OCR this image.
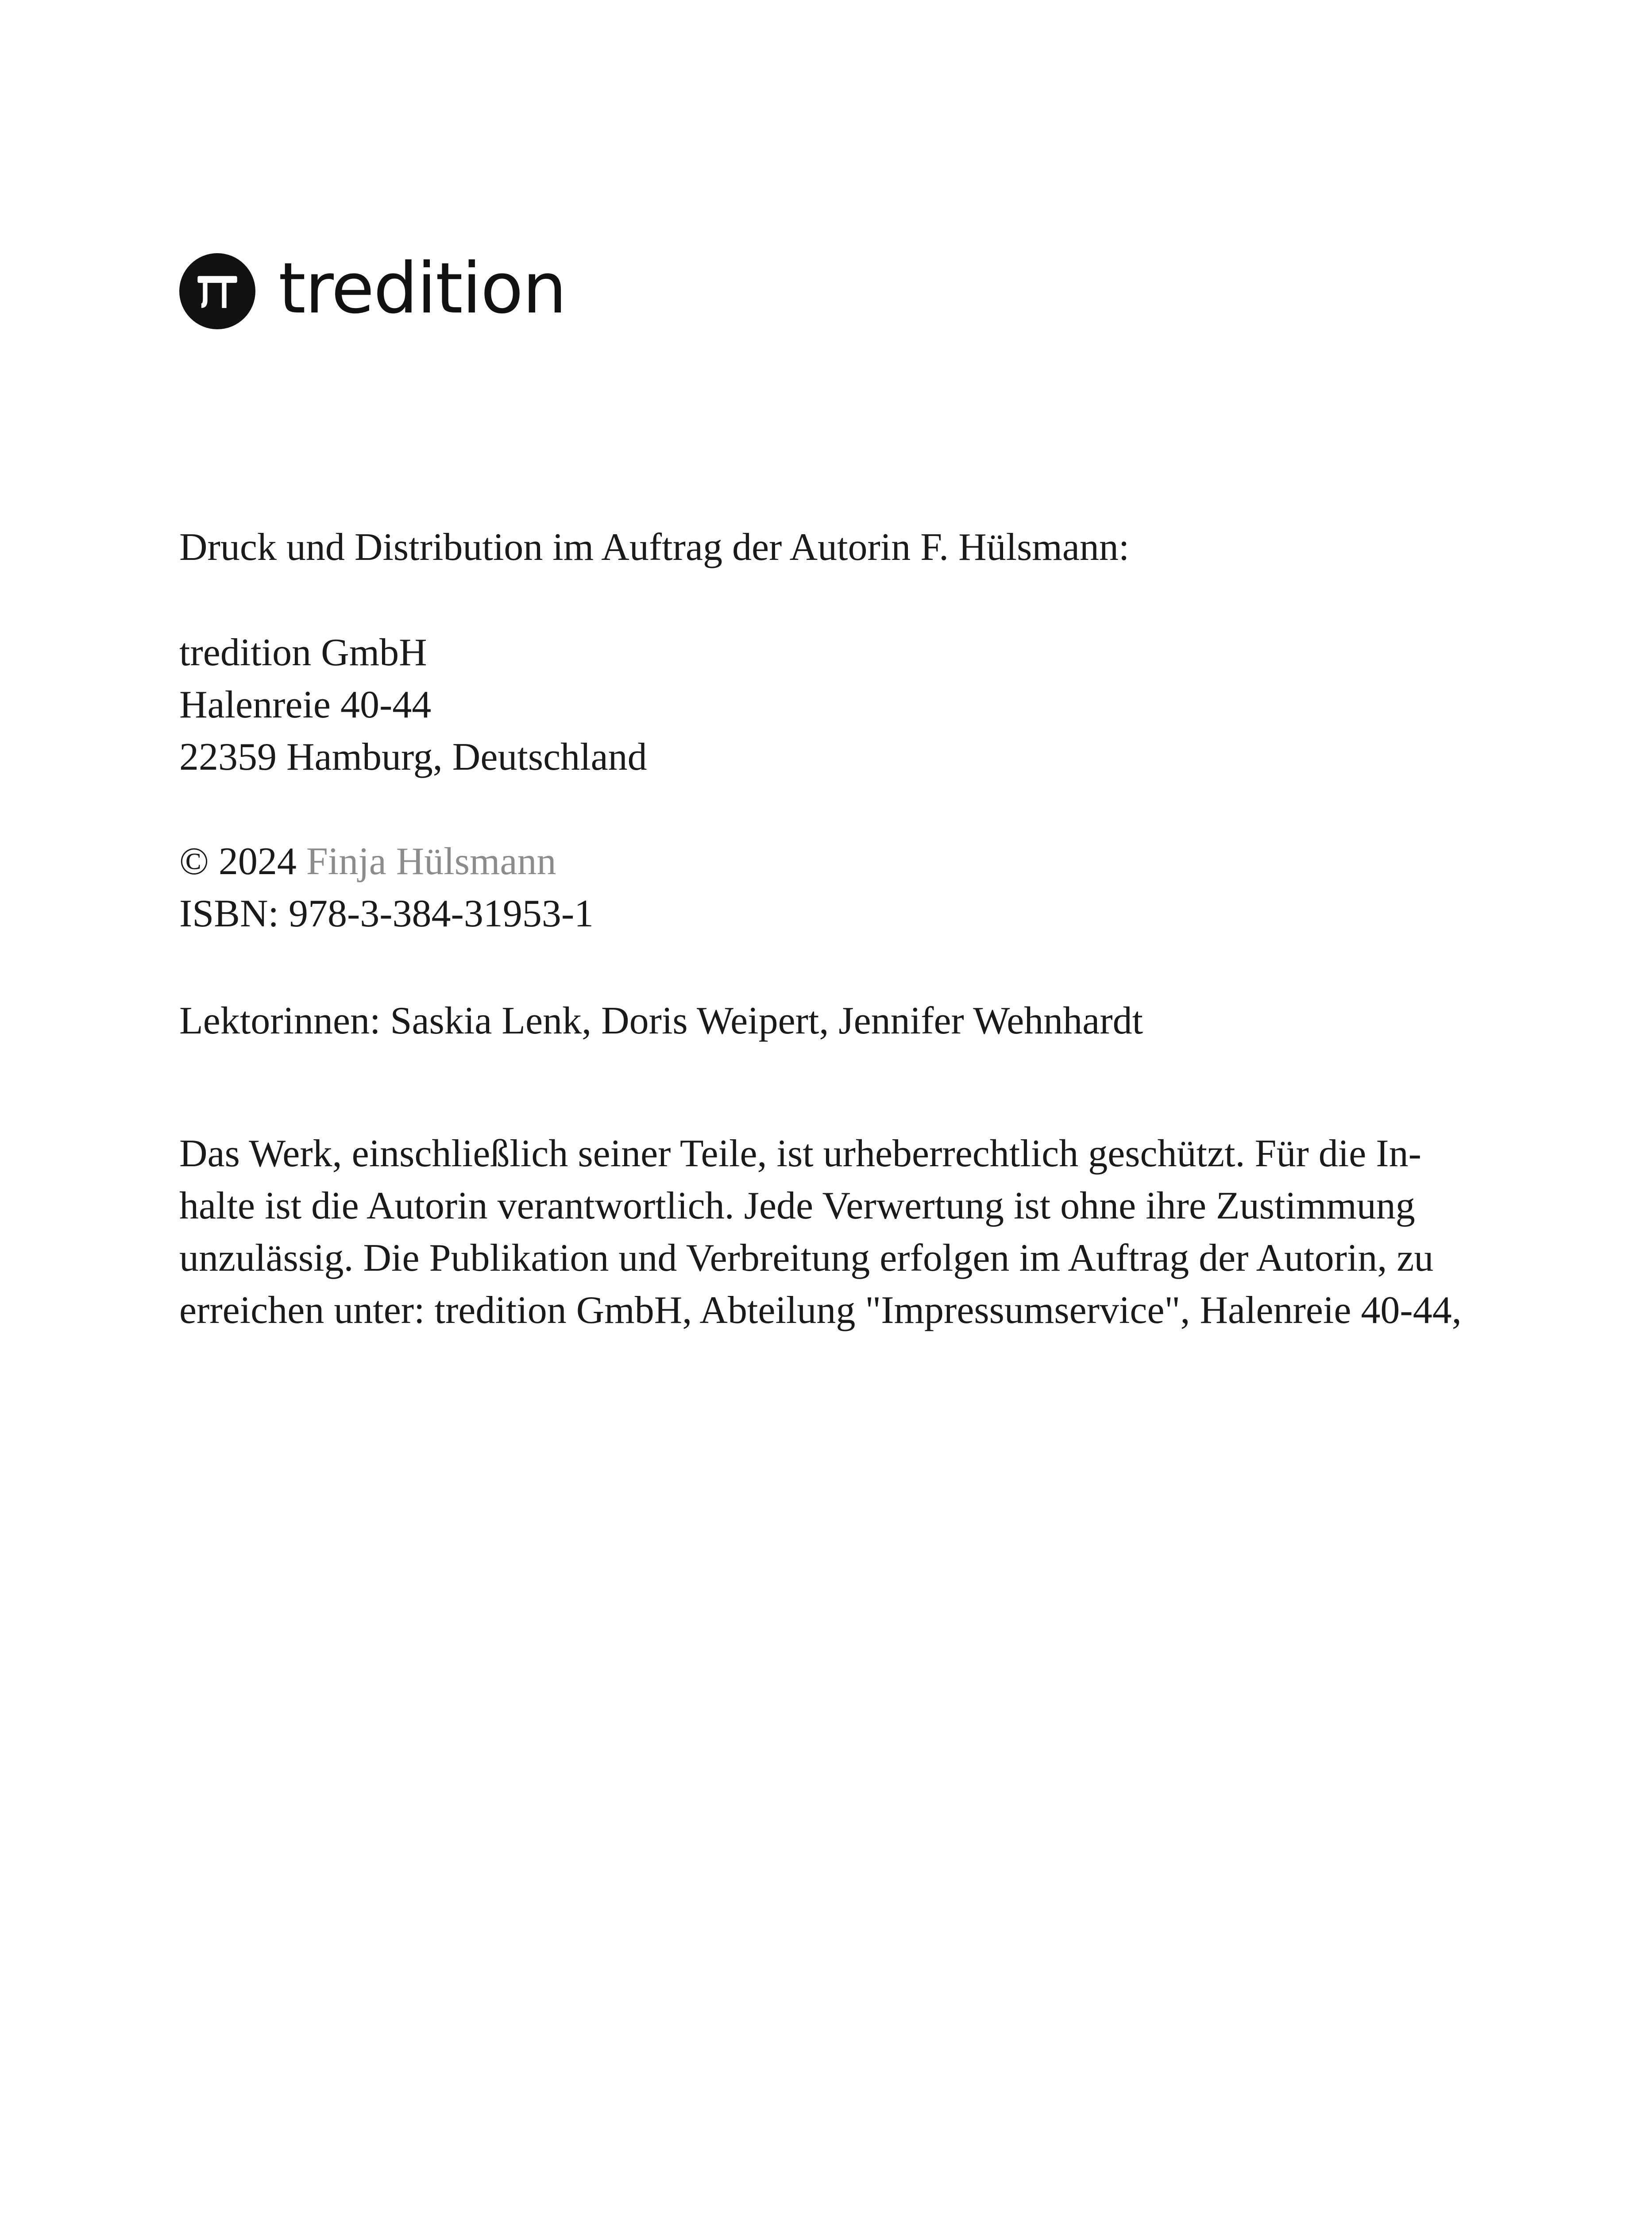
tredition
Druck und Distribution im Auftrag der Autorin F. Hülsmann:
tredition GmbH
Halenreie 40-44
22359 Hamburg, Deutschland
© 2024 Finja Hülsmann
ISBN: 978-3-384-31953-1
Lektorinnen: Saskia Lenk, Doris Weipert, Jennifer Wehnhardt
Das Werk, einschließlich seiner Teile, ist urheberrechtlich geschützt. Für die In-
halte ist die Autorin verantwortlich. Jede Verwertung ist ohne ihre Zustimmung
unzulässig. Die Publikation und Verbreitung erfolgen im Auftrag der Autorin, zu
erreichen unter: tredition GmbH, Abteilung "Impressumservice", Halenreie 40-44,
